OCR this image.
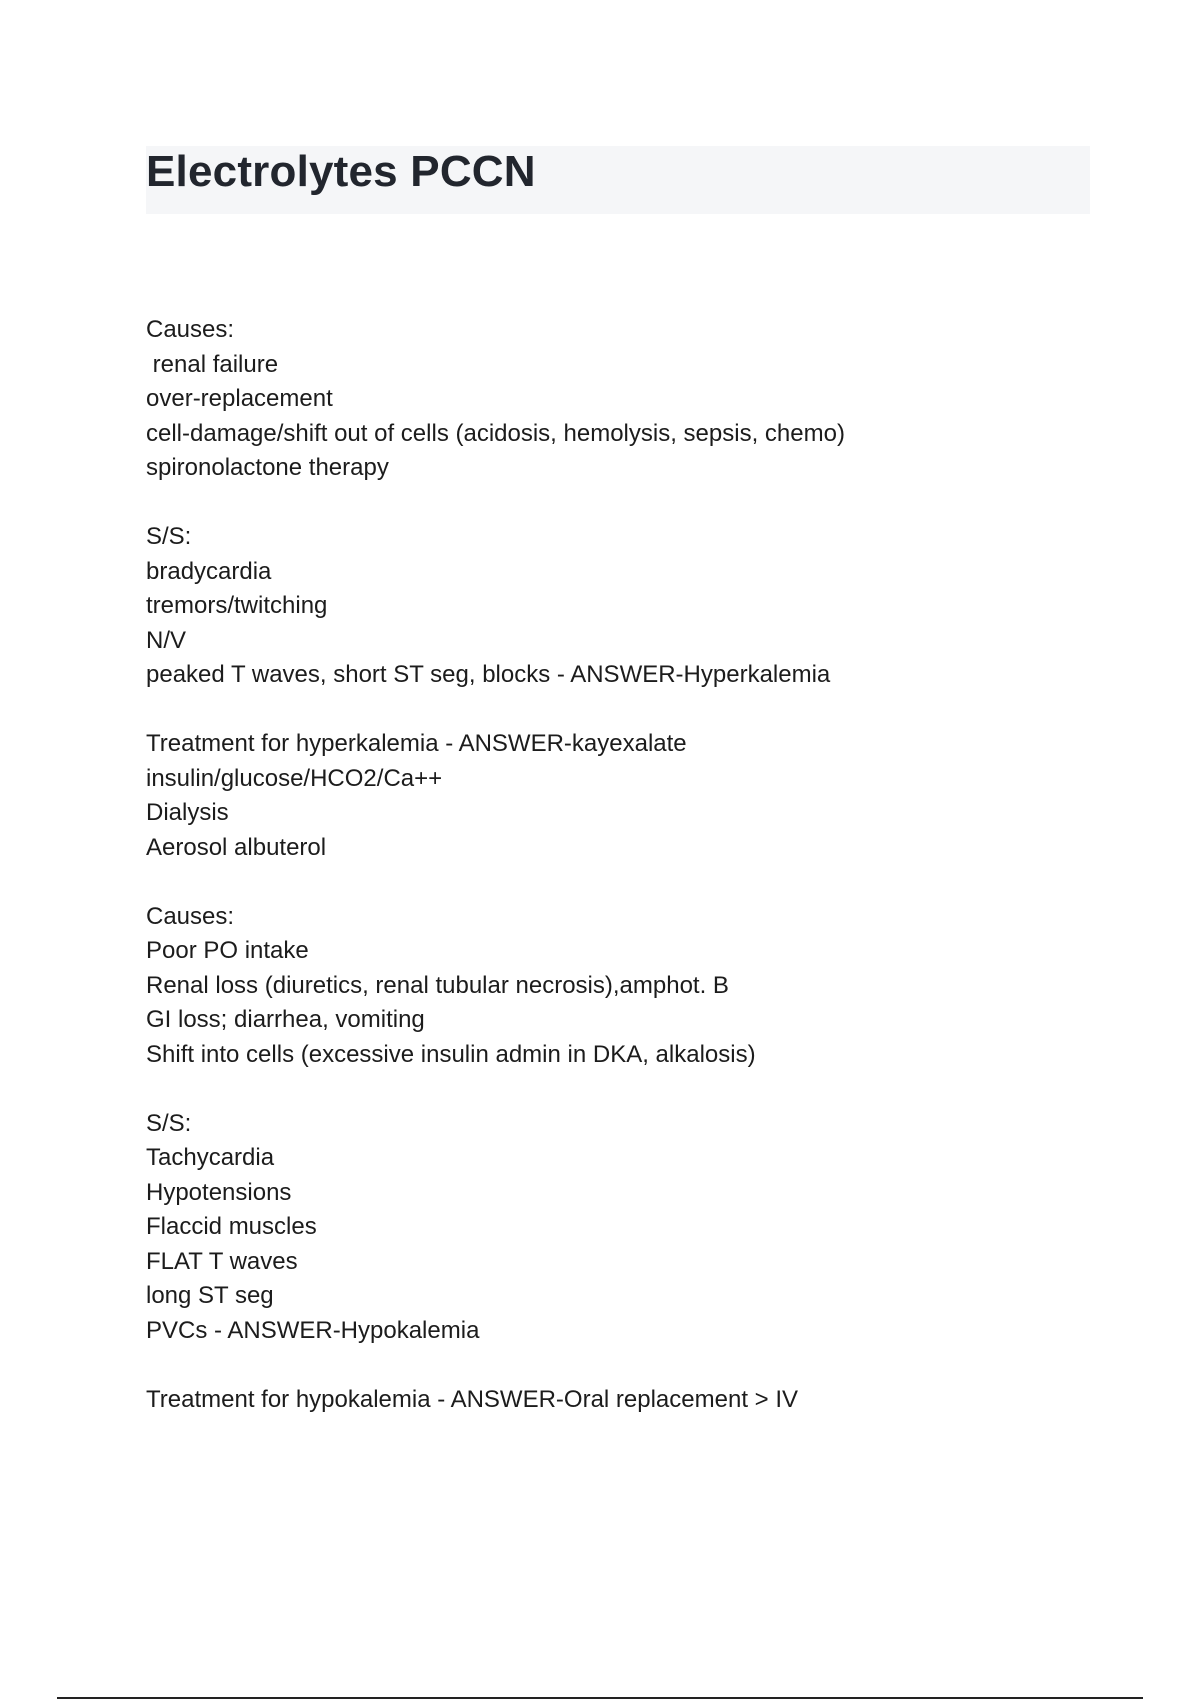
Electrolytes PCCN
Causes:
renal failure
over-replacement
cell-damage/shift out of cells (acidosis, hemolysis, sepsis, chemo)
spironolactone therapy
S/S:
bradycardia
tremors/twitching
N/V
peaked T waves, short ST seg, blocks - ANSWER-Hyperkalemia
Treatment for hyperkalemia - ANSWER-kayexalate
insulin/glucose/HCO2/Ca++
Dialysis
Aerosol albuterol
Causes:
Poor PO intake
Renal loss (diuretics, renal tubular necrosis),amphot. B
GI loss; diarrhea, vomiting
Shift into cells (excessive insulin admin in DKA, alkalosis)
S/S:
Tachycardia
Hypotensions
Flaccid muscles
FLAT T waves
long ST seg
PVCs - ANSWER-Hypokalemia
Treatment for hypokalemia - ANSWER-Oral replacement > IV
